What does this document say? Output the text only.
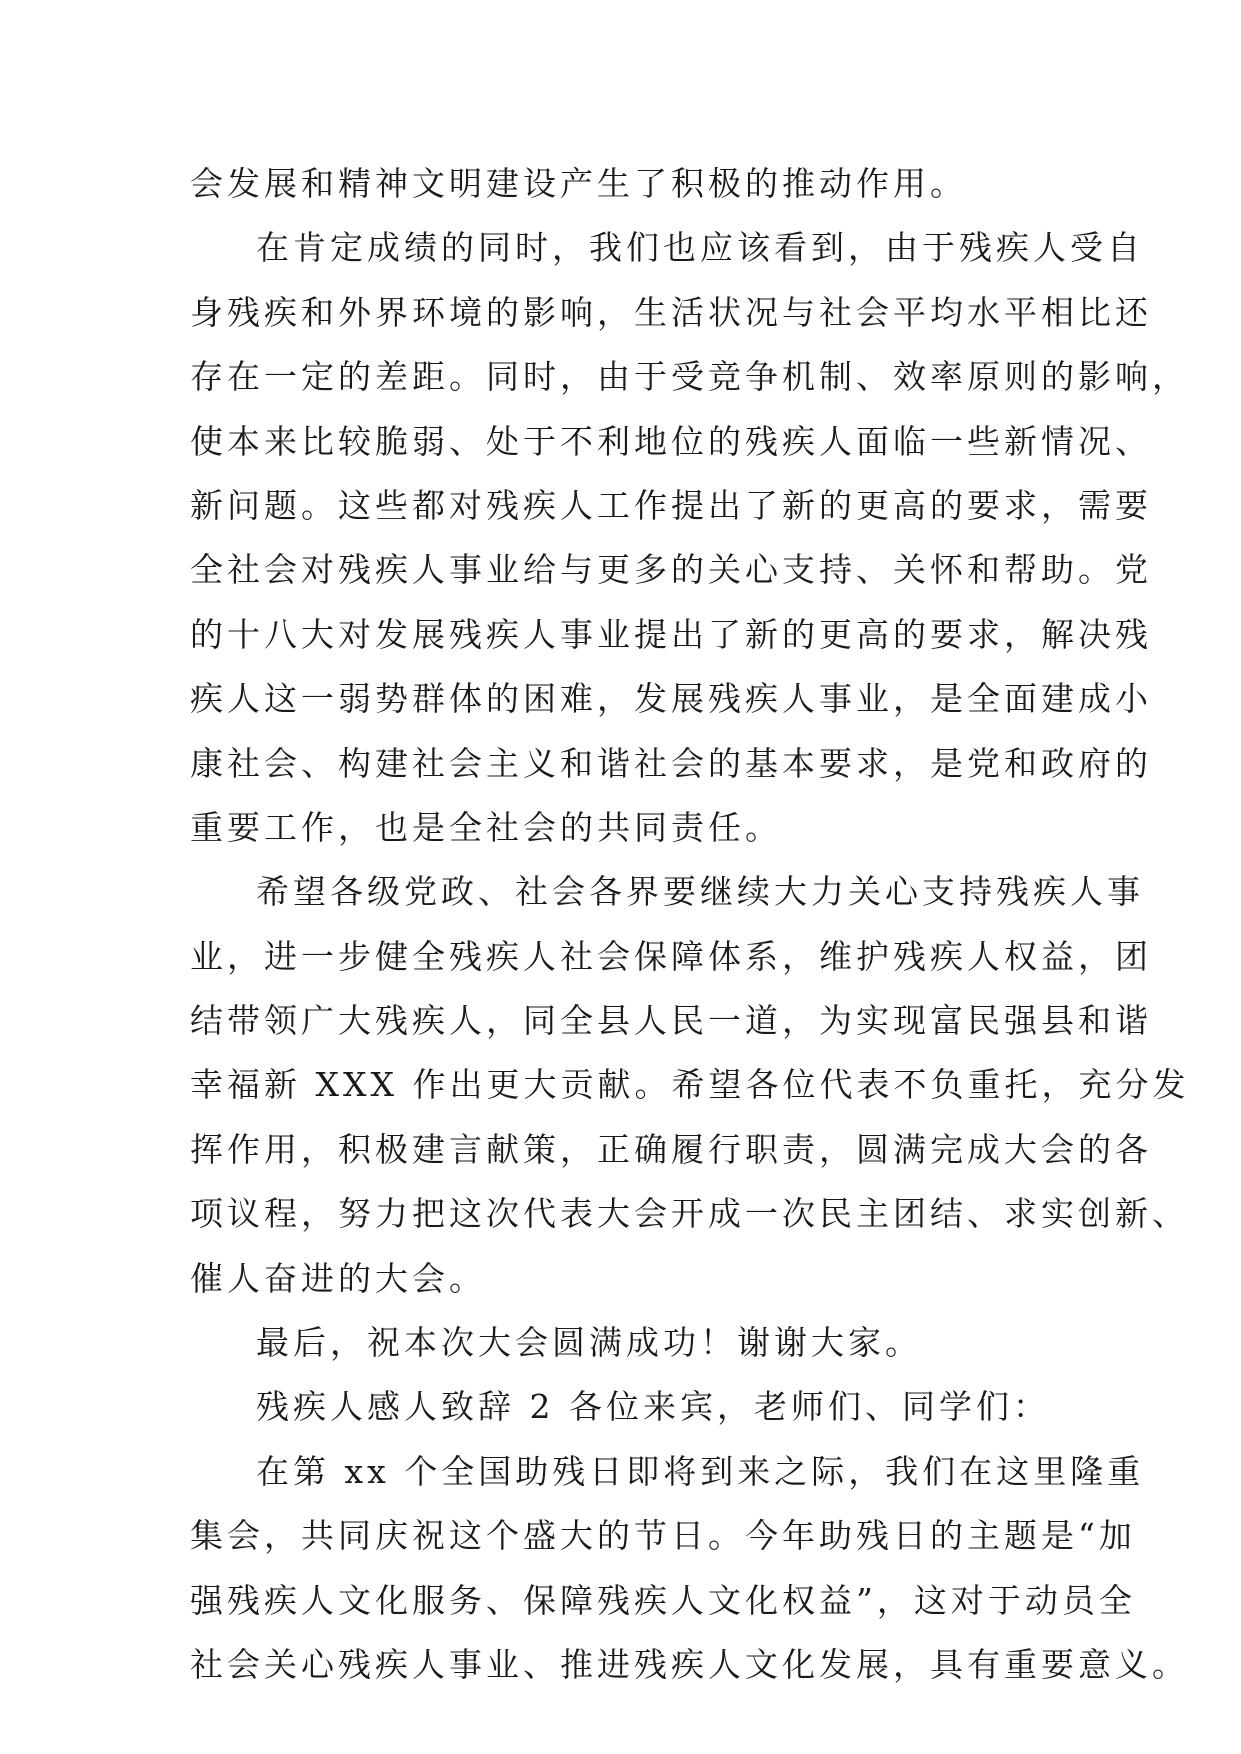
会发展和精神文明建设产生了积极的推动作用。
在肯定成绩的同时，我们也应该看到，由于残疾人受自
身残疾和外界环境的影响，生活状况与社会平均水平相比还
存在一定的差距。同时，由于受竞争机制、效率原则的影响，
使本来比较脆弱、处于不利地位的残疾人面临一些新情况、
新问题。这些都对残疾人工作提出了新的更高的要求，需要
全社会对残疾人事业给与更多的关心支持、关怀和帮助。党
的十八大对发展残疾人事业提出了新的更高的要求，解决残
疾人这一弱势群体的困难，发展残疾人事业，是全面建成小
康社会、构建社会主义和谐社会的基本要求，是党和政府的
重要工作，也是全社会的共同责任。
希望各级党政、社会各界要继续大力关心支持残疾人事
业，进一步健全残疾人社会保障体系，维护残疾人权益，团
结带领广大残疾人，同全县人民一道，为实现富民强县和谐
幸福新 XXX 作出更大贡献。希望各位代表不负重托，充分发
挥作用，积极建言献策，正确履行职责，圆满完成大会的各
项议程，努力把这次代表大会开成一次民主团结、求实创新、
催人奋进的大会。
最后，祝本次大会圆满成功！谢谢大家。
残疾人感人致辞 2 各位来宾，老师们、同学们：
在第 xx 个全国助残日即将到来之际，我们在这里隆重
集会，共同庆祝这个盛大的节日。今年助残日的主题是“加
强残疾人文化服务、保障残疾人文化权益”，这对于动员全
社会关心残疾人事业、推进残疾人文化发展，具有重要意义。
